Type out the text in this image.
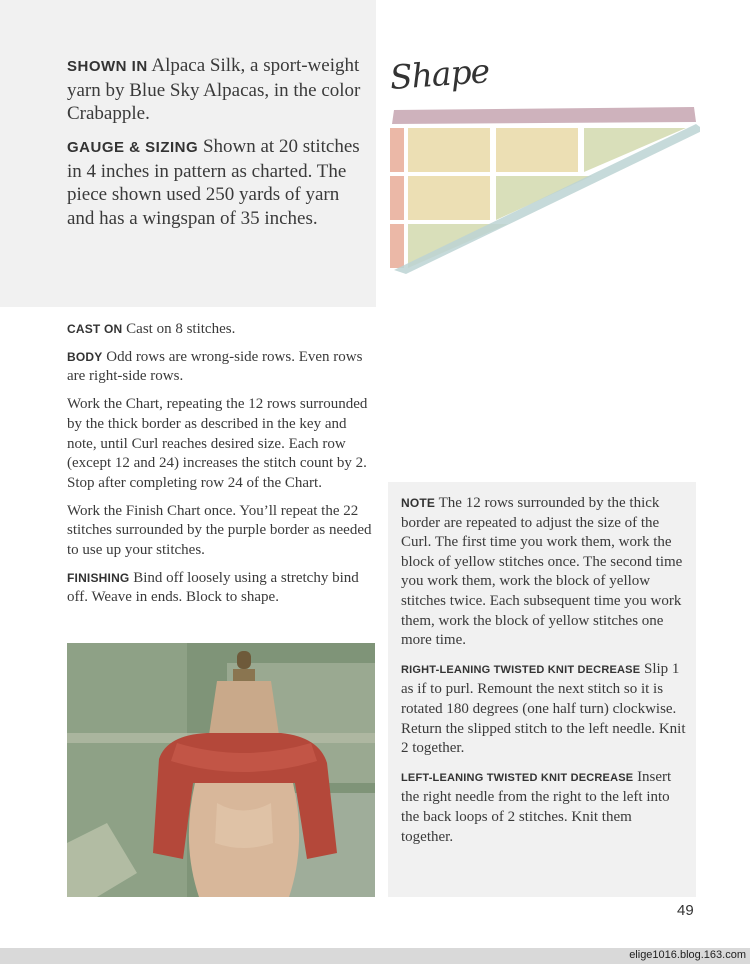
SHOWN IN Alpaca Silk, a sport-weight yarn by Blue Sky Alpacas, in the color Crabapple.

GAUGE & SIZING Shown at 20 stitches in 4 inches in pattern as charted. The piece shown used 250 yards of yarn and has a wingspan of 35 inches.

Shape

CAST ON Cast on 8 stitches.

BODY Odd rows are wrong-side rows. Even rows are right-side rows.

Work the Chart, repeating the 12 rows surrounded by the thick border as described in the key and note, until Curl reaches desired size. Each row (except 12 and 24) increases the stitch count by 2. Stop after completing row 24 of the Chart.

Work the Finish Chart once. You’ll repeat the 22 stitches surrounded by the purple border as needed to use up your stitches.

FINISHING Bind off loosely using a stretchy bind off. Weave in ends. Block to shape.

NOTE The 12 rows surrounded by the thick border are repeated to adjust the size of the Curl. The first time you work them, work the block of yellow stitches once. The second time you work them, work the block of yellow stitches twice. Each subsequent time you work them, work the block of yellow stitches one more time.

RIGHT-LEANING TWISTED KNIT DECREASE Slip 1 as if to purl. Remount the next stitch so it is rotated 180 degrees (one half turn) clockwise. Return the slipped stitch to the left needle. Knit 2 together.

LEFT-LEANING TWISTED KNIT DECREASE Insert the right needle from the right to the left into the back loops of 2 stitches. Knit them together.

49
elige1016.blog.163.com
